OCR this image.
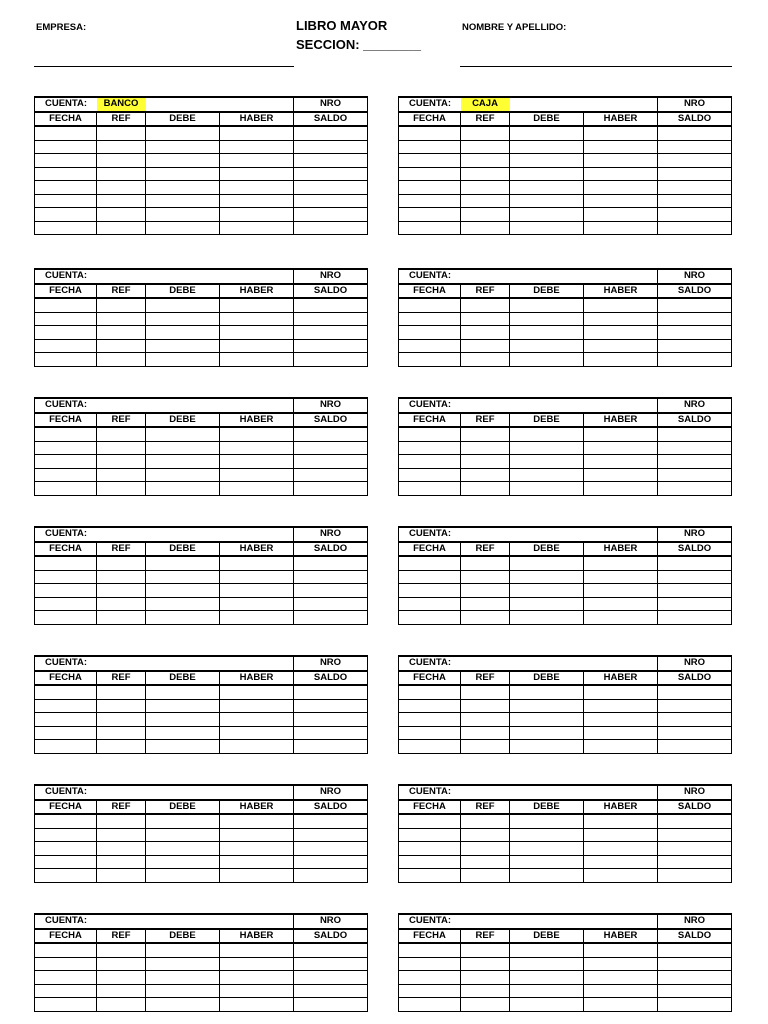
EMPRESA:	LIBRO MAYOR
SECCION: ________
NOMBRE Y APELLIDO:
CUENTA:	BANCO			NRO
FECHA	REF	DEBE	HABER	SALDO

CUENTA:	CAJA			NRO
FECHA	REF	DEBE	HABER	SALDO

CUENTA:				NRO
FECHA	REF	DEBE	HABER	SALDO

CUENTA:				NRO
FECHA	REF	DEBE	HABER	SALDO

CUENTA:				NRO
FECHA	REF	DEBE	HABER	SALDO

CUENTA:				NRO
FECHA	REF	DEBE	HABER	SALDO

CUENTA:				NRO
FECHA	REF	DEBE	HABER	SALDO

CUENTA:				NRO
FECHA	REF	DEBE	HABER	SALDO

CUENTA:				NRO
FECHA	REF	DEBE	HABER	SALDO

CUENTA:				NRO
FECHA	REF	DEBE	HABER	SALDO

CUENTA:				NRO
FECHA	REF	DEBE	HABER	SALDO

CUENTA:				NRO
FECHA	REF	DEBE	HABER	SALDO

CUENTA:				NRO
FECHA	REF	DEBE	HABER	SALDO

CUENTA:				NRO
FECHA	REF	DEBE	HABER	SALDO
